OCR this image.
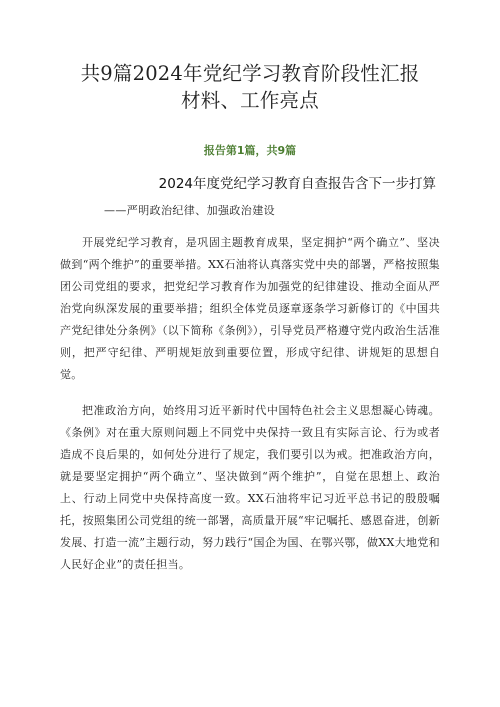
共9篇2024年党纪学习教育阶段性汇报材料、工作亮点
报告第1篇，共9篇
2024年度党纪学习教育自查报告含下一步打算
——严明政治纪律、加强政治建设

开展党纪学习教育，是巩固主题教育成果，坚定拥护“两个确立”、坚决做到“两个维护”的重要举措。XX石油将认真落实党中央的部署，严格按照集团公司党组的要求，把党纪学习教育作为加强党的纪律建设、推动全面从严治党向纵深发展的重要举措；组织全体党员逐章逐条学习新修订的《中国共产党纪律处分条例》（以下简称《条例》），引导党员严格遵守党内政治生活准则，把严守纪律、严明规矩放到重要位置，形成守纪律、讲规矩的思想自觉。

把准政治方向，始终用习近平新时代中国特色社会主义思想凝心铸魂。《条例》对在重大原则问题上不同党中央保持一致且有实际言论、行为或者造成不良后果的，如何处分进行了规定，我们要引以为戒。把准政治方向，就是要坚定拥护“两个确立”、坚决做到“两个维护”，自觉在思想上、政治上、行动上同党中央保持高度一致。XX石油将牢记习近平总书记的殷殷嘱托，按照集团公司党组的统一部署，高质量开展“牢记嘱托、感恩奋进，创新发展、打造一流”主题行动，努力践行“国企为国、在鄂兴鄂，做XX大地党和人民好企业”的责任担当。
